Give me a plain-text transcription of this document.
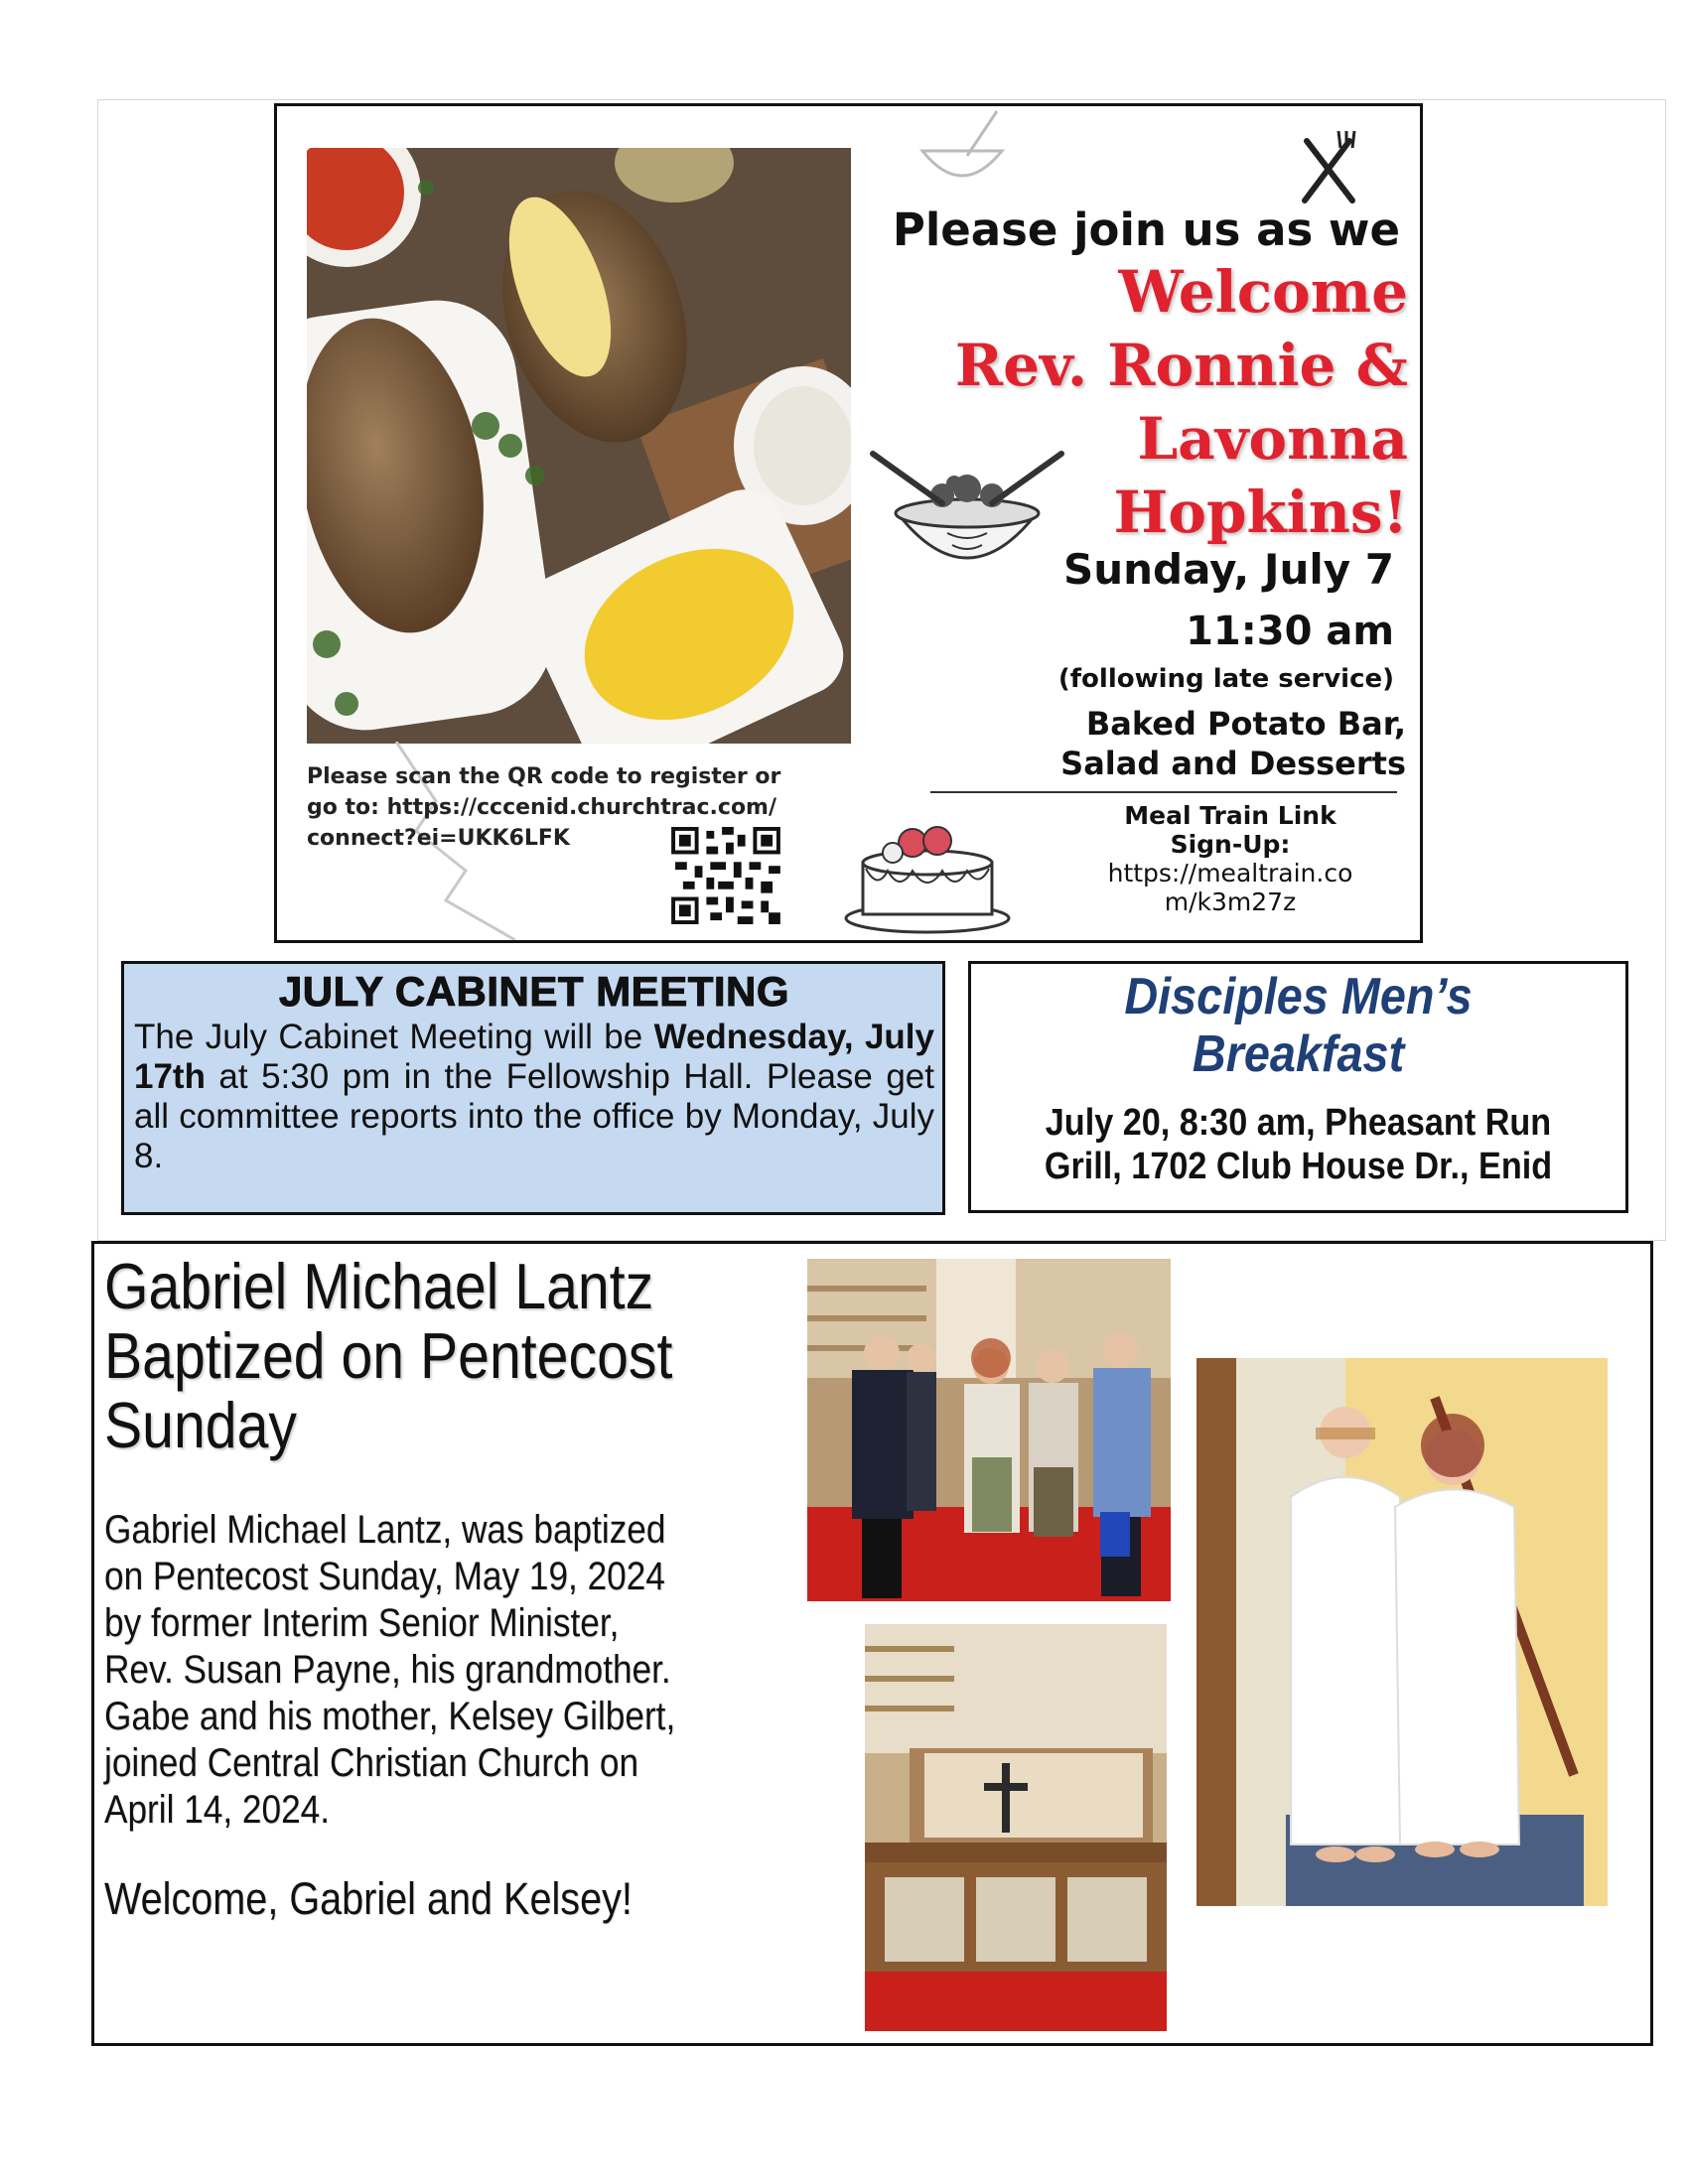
Please join us as we
Welcome
Rev. Ronnie &
Lavonna
Hopkins!
Sunday, July 7
11:30 am
(following late service)
Baked Potato Bar,
Salad and Desserts
Meal Train Link
Sign-Up:
https://mealtrain.co
m/k3m27z
Please scan the QR code to register or
go to: https://cccenid.churchtrac.com/
connect?ei=UKK6LFK
JULY CABINET MEETING
The July Cabinet Meeting will be Wednesday, July 17th at 5:30 pm in the Fellowship Hall. Please get all committee reports into the office by Monday, July 8.
Disciples Men’s
Breakfast
July 20, 8:30 am, Pheasant Run
Grill, 1702 Club House Dr., Enid
Gabriel Michael Lantz
Baptized on Pentecost
Sunday
Gabriel Michael Lantz, was baptized
on Pentecost Sunday, May 19, 2024
by former Interim Senior Minister,
Rev. Susan Payne, his grandmother.
Gabe and his mother, Kelsey Gilbert,
joined Central Christian Church on
April 14, 2024.
Welcome, Gabriel and Kelsey!
